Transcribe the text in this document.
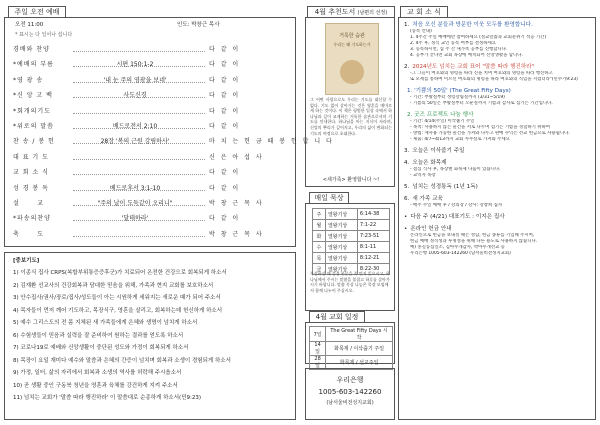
주일 오전 예배
오전 11:00	인도: 박창근 목사
* 표시는 다 일어나 섭니다
경배와 찬양	다 같 이
*예배의 부름	시편 150:1-2	다 같 이
*영 광 송	'내 눈 주의 영광을 보네'	다 같 이
*신 앙 고 백	사도신경	다 같 이
*회개의기도	다 같 이
*위로의 말씀	베드로전서 2:10	다 같 이
찬 송 / 봉 헌	28장 '복의 근원 강림하사'	마 치 는 헌 금 때 봉 헌 합 니 다
대 표 기 도	신 은 아 섭 사
교 회 소 식	다 같 이
성 경 봉 독	베드로후서 3:1-10	다 같 이
설      교	"주의 날이 도둑같이 오리니"	박 창 근 목 사
*파송의찬양	'달태하라'	다 같 이
축      도	박 창 근 목 사
[중보기도]
1) 이종식 집사 CRPS(복합부위통증증후군)가 치료되어 온전한 건강으로 회복되게 하소서
2) 김재환 선교사의 건강회복과 담대한 믿음을 위해, 가족과 현지 교회를 보호하소서
3) 안수집사/권사/장로/집사/성도들이 아는 시원하게 세워지는 새로운 때가 되어 주소서
4) 목자들이 먼저 깨어 기도하고, 목장식구, 영혼을 살리고, 회복하는데 헌신하게 하소서
5) 예수 그리스도의 전 몸 지체된 새 가족들에게 은혜와 생명이 넘치게 하소서
6) 수험생들이 믿음과 실력을 잘 준비하여 원하는 결과를 얻도록 하소서
7) 코로나19로 예배와 신앙생활이 중단된 성도와 가정이 회복되게 하소서
8) 목장이 요일 재미다 예수와 말씀과 은혜의 간증이 넘치며 회복과 소생이 경험되게 하소서
9) 가정, 일터, 삶의 자리에서 회복과 소생의 역사를 허락해 주시옵소서
10) 곧 생활 중인 구동북 청년을 영혼과 육체를 강건하게 지켜 주소서
11) 넘치는 교회가 '말씀 따라 행진하라' 이 말씀대로 순종하게 하소서(민9:23)
4월 추천도서 (남편의 선정)
거룩한 습관
우리는 왜 기도하는가
그 어떤 사랑으로도 우리는 기도를 대신할 수 없다. 기도 없이 살아가는 것은 영혼을 메마르게 하는 것이다. 이 책은 평범한 일상 속에서 하나님과 깊이 교제하는 거룩한 습관으로서의 기도를 안내한다. 하나님을 아는 지식이 자라며, 신앙의 뿌리가 깊어지고, 우리의 삶이 변화되는 기도의 여정으로 초대한다.
<새가족> 환영합니다 ~!
매일 묵상
주	열왕기상	6:14-38
월	열왕기상	7:1-22
화	열왕기상	7:23-51
수	열왕기상	8:1-11
목	열왕기상	8:12-21
금	열왕기상	8:22-30
묵상하실 때 성경 본문을 꼭 먼저 읽으시고, 하나님께서 주시는 말씀을 붙잡고 하루를 살아가시기 바랍니다. 말씀 묵상 나눔은 목장 모임에서 함께 나누어 주십시오.
4월 교회 일정
7일	The Great Fifty Days 시작
14일	화목제 / 이삭줍기 주일
28일	화목제 / 선교주일
우리은행
1005-603-142260
(남서울비전성지교회)
교 회 소 식
1. 처음 오신 분들과 방문한 이웃 모두를 환영합니다.
(등록 안내)
1. 4주간 주일 예배에만 참여하세요 (설교말씀과 교회분위기 적응 기간)
2. 4주 후, 정식 교인 등록 여부를 결정하세요
3. 등록하시면, 십 주 간 새가족 공부를 진행합니다.
4. 공부가 끝나면 교회 목장에 배치되어 신앙생활을 합니다.
2. 2024년도 넘치는 교회 표어 "말씀 따라 행진하라"
-그 그들이 여호와의 명령을 따라 진을 치며 여호와의 명령을 따라 행진하고
또 모세를 통하여 이르신 여호와의 명령을 따라 여호와의 직임을 지켰더라"(민수기9:23)
1. '기쁨의 50일' (The Great Fifty Days)
- 기간: 부활절부터 성령강림절까지 (3/31~5/19)
- 기쁨의 50일은 부활절부터 오순절까지 기쁨과 감사로 섬기는 기간입니다.
2. 굿즈 프로젝트 나눔 행사
- 기간: 4/14(주일) 이삭줍기 주일
- 목적: 사용하지 않는 물건을 서로 나누며 섬기는 기쁨을 경험하기 위하여
- 방법: 재사용 가능한 물건을 가져와 나누고 판매 수익은 선교 헌금으로 사용됩니다.
- 제출: 4/7~4/13까지 교회 사무실로 가져와 주세요
3. 오늘은 이삭줍기 주일
4. 오늘은 화목제
- 점심 식사 후, 목장별 화목제 나눔이 있습니다.
- 교역자 목장
5. 넘치는 성경통독 (1년 1독)
6. 새 가족 교육
- 매주 주일 예배 후 / 강의장 / 강사: 강창희 집사
• 다음 주 (4/21) 대표기도 : 이지은 집사
• 온라인 헌금 안내
온라인으로 헌금을 보내실 때는 성함, 헌금 종류를 기입해 주시며,
헌금 예배 정직성과 투명성을 위해 다른 용도로 사용하지 않습니다.
예) 홍길동십일조, 김아무개감사, 박아무개선교 등
우리은행 1005-603-142260 (남서울비전성지교회)
